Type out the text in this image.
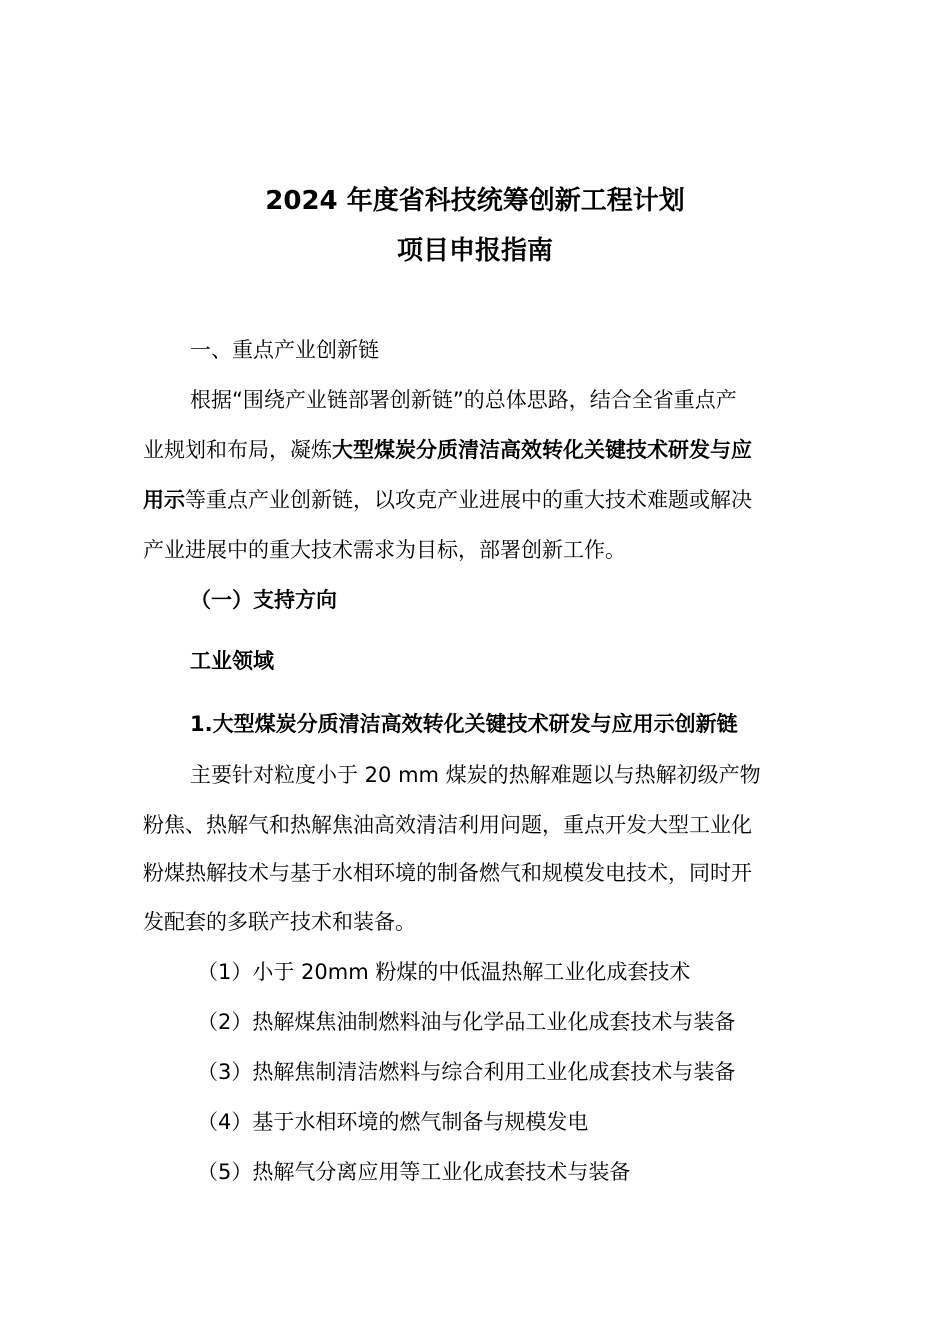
2024 年度省科技统筹创新工程计划
项目申报指南

一、重点产业创新链

根据“围绕产业链部署创新链”的总体思路，结合全省重点产

业规划和布局，凝炼大型煤炭分质清洁高效转化关键技术研发与应

用示等重点产业创新链，以攻克产业进展中的重大技术难题或解决

产业进展中的重大技术需求为目标，部署创新工作。

（一）支持方向

工业领域

1.大型煤炭分质清洁高效转化关键技术研发与应用示创新链

主要针对粒度小于 20 mm 煤炭的热解难题以与热解初级产物

粉焦、热解气和热解焦油高效清洁利用问题，重点开发大型工业化

粉煤热解技术与基于水相环境的制备燃气和规模发电技术，同时开

发配套的多联产技术和装备。

（1）小于 20mm 粉煤的中低温热解工业化成套技术

（2）热解煤焦油制燃料油与化学品工业化成套技术与装备

（3）热解焦制清洁燃料与综合利用工业化成套技术与装备

（4）基于水相环境的燃气制备与规模发电

（5）热解气分离应用等工业化成套技术与装备
